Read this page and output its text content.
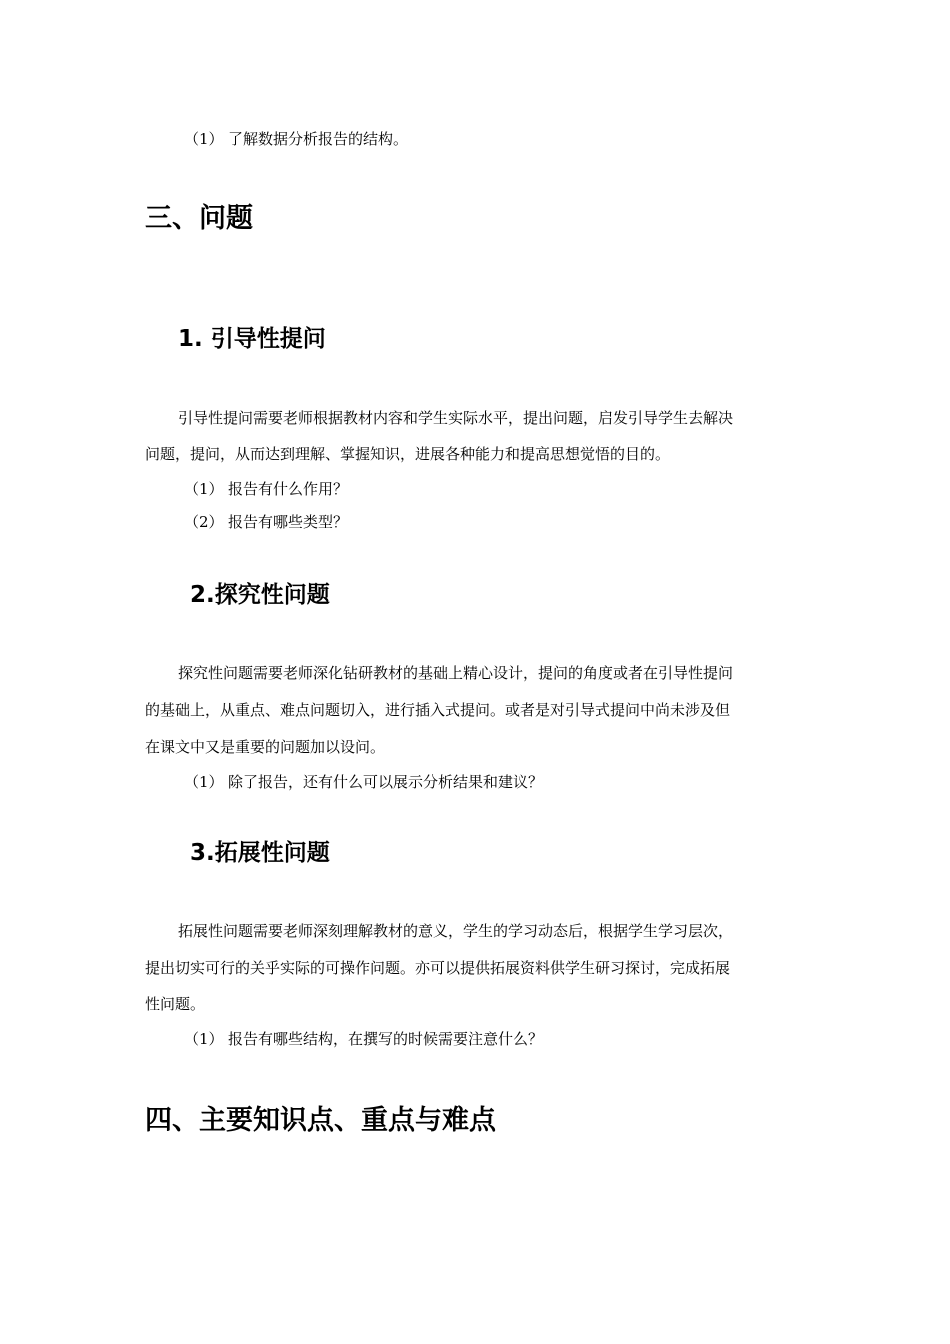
（1） 了解数据分析报告的结构。
三、问题
1. 引导性提问
引导性提问需要老师根据教材内容和学生实际水平，提出问题，启发引导学生去解决
问题，提问，从而达到理解、掌握知识，进展各种能力和提高思想觉悟的目的。
（1） 报告有什么作用？
（2） 报告有哪些类型？
2.探究性问题
探究性问题需要老师深化钻研教材的基础上精心设计，提问的角度或者在引导性提问
的基础上，从重点、难点问题切入，进行插入式提问。或者是对引导式提问中尚未涉及但
在课文中又是重要的问题加以设问。
（1） 除了报告，还有什么可以展示分析结果和建议？
3.拓展性问题
拓展性问题需要老师深刻理解教材的意义，学生的学习动态后，根据学生学习层次，
提出切实可行的关乎实际的可操作问题。亦可以提供拓展资料供学生研习探讨，完成拓展
性问题。
（1） 报告有哪些结构，在撰写的时候需要注意什么？
四、主要知识点、重点与难点
